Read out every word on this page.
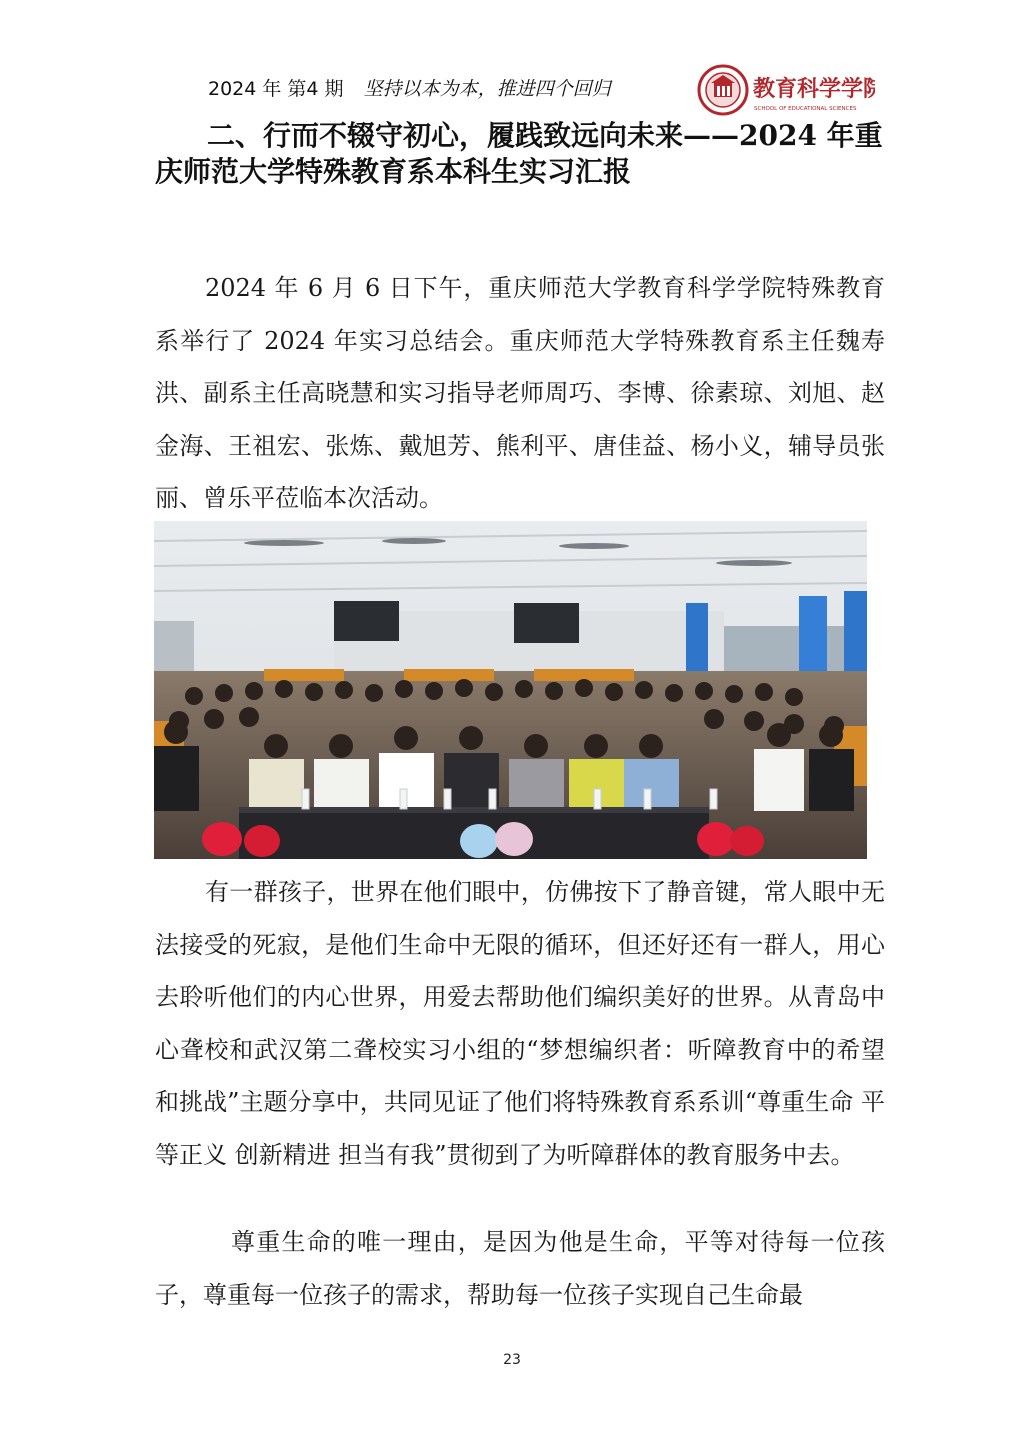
2024 年 第4 期 坚持以本为本，推进四个回归	教育科学学院
SCHOOL OF EDUCATIONAL SCIENCES
二、行而不辍守初心，履践致远向未来——2024 年重庆师范大学特殊教育系本科生实习汇报

2024 年 6 月 6 日下午，重庆师范大学教育科学学院特殊教育系举行了 2024 年实习总结会。重庆师范大学特殊教育系主任魏寿洪、副系主任高晓慧和实习指导老师周巧、李博、徐素琼、刘旭、赵金海、王祖宏、张炼、戴旭芳、熊利平、唐佳益、杨小义，辅导员张丽、曾乐平莅临本次活动。

有一群孩子，世界在他们眼中，仿佛按下了静音键，常人眼中无法接受的死寂，是他们生命中无限的循环，但还好还有一群人，用心去聆听他们的内心世界，用爱去帮助他们编织美好的世界。从青岛中心聋校和武汉第二聋校实习小组的“梦想编织者：听障教育中的希望和挑战”主题分享中，共同见证了他们将特殊教育系系训“尊重生命 平等正义 创新精进 担当有我”贯彻到了为听障群体的教育服务中去。

尊重生命的唯一理由，是因为他是生命，平等对待每一位孩子，尊重每一位孩子的需求，帮助每一位孩子实现自己生命最

23
